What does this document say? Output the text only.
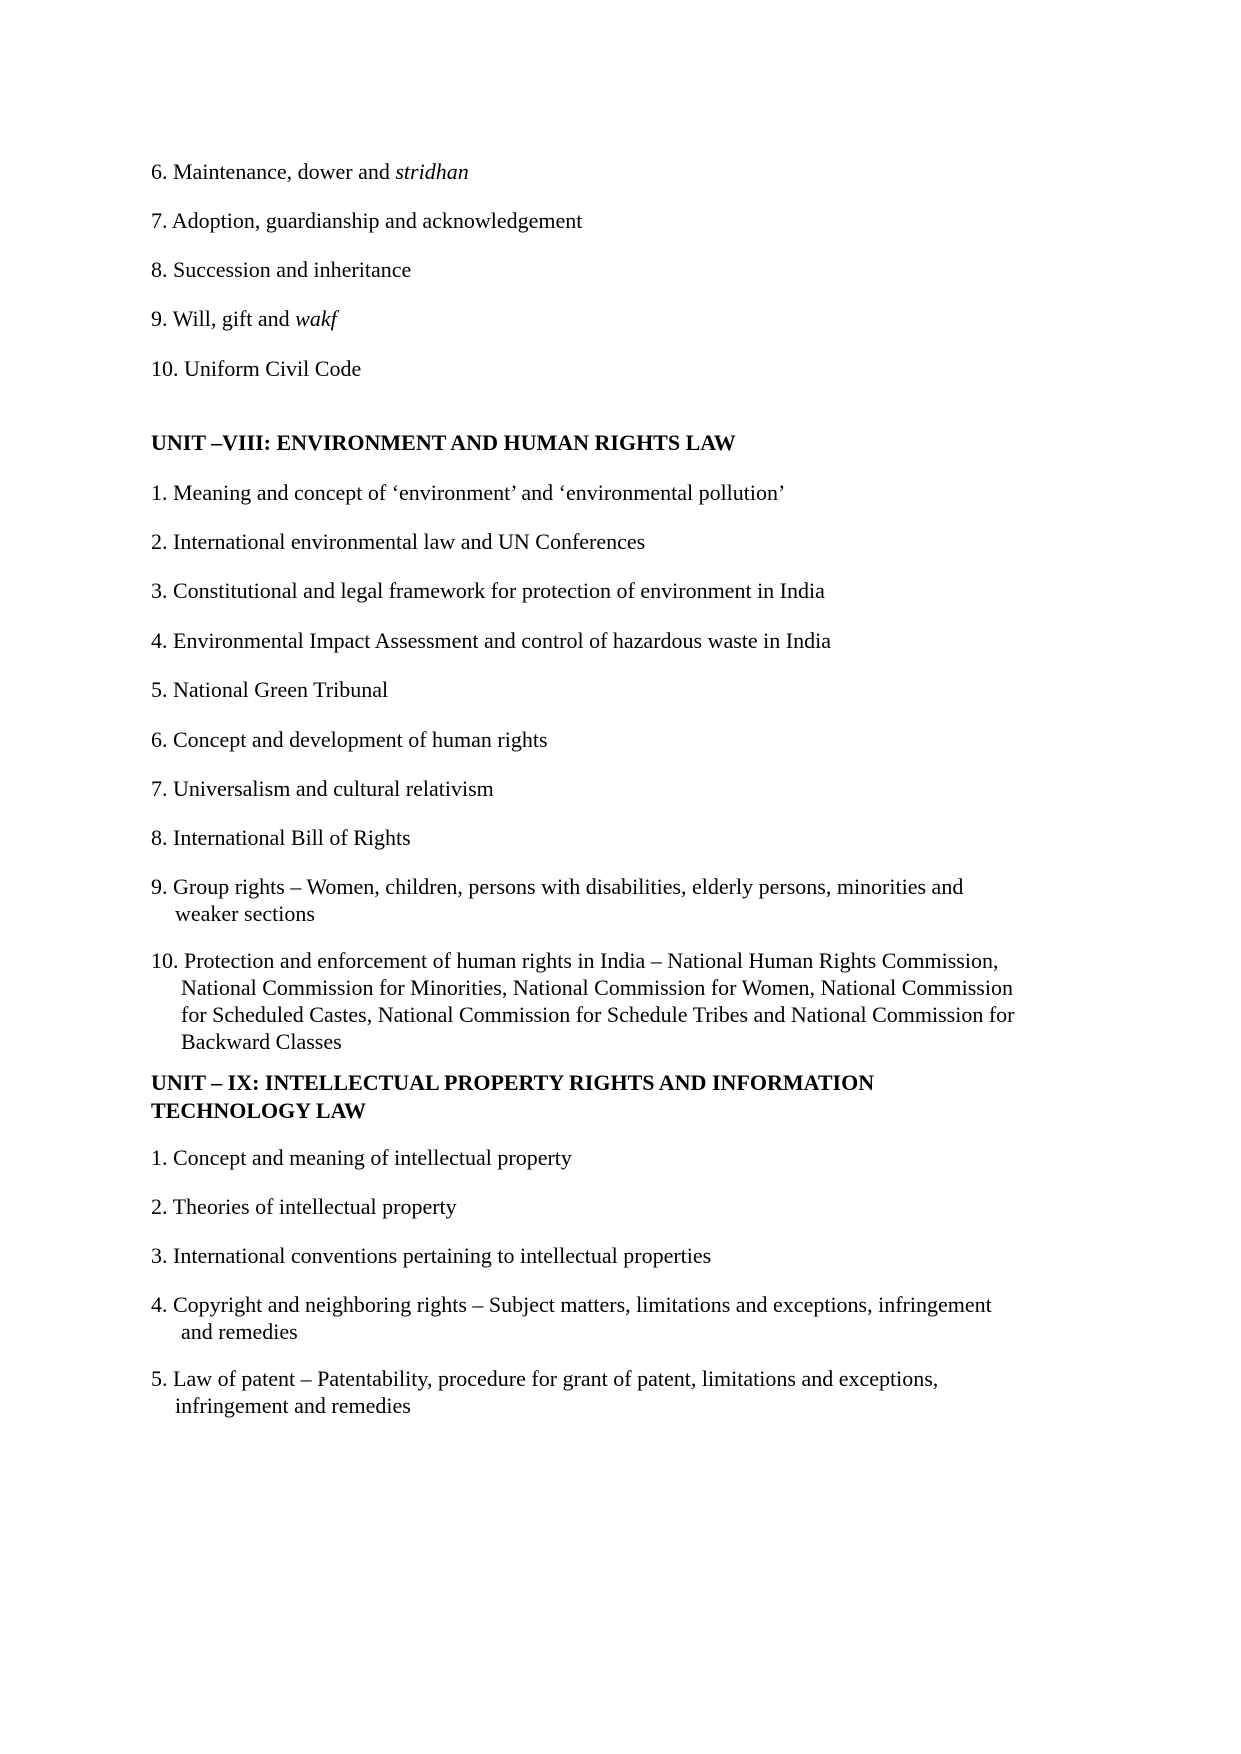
6. Maintenance, dower and stridhan

7. Adoption, guardianship and acknowledgement

8. Succession and inheritance

9. Will, gift and wakf

10. Uniform Civil Code

UNIT –VIII: ENVIRONMENT AND HUMAN RIGHTS LAW

1. Meaning and concept of ‘environment’ and ‘environmental pollution’

2. International environmental law and UN Conferences

3. Constitutional and legal framework for protection of environment in India

4. Environmental Impact Assessment and control of hazardous waste in India

5. National Green Tribunal

6. Concept and development of human rights

7. Universalism and cultural relativism

8. International Bill of Rights

9. Group rights – Women, children, persons with disabilities, elderly persons, minorities and
weaker sections

10. Protection and enforcement of human rights in India – National Human Rights Commission,
National Commission for Minorities, National Commission for Women, National Commission
for Scheduled Castes, National Commission for Schedule Tribes and National Commission for
Backward Classes

UNIT – IX: INTELLECTUAL PROPERTY RIGHTS AND INFORMATION
TECHNOLOGY LAW

1. Concept and meaning of intellectual property

2. Theories of intellectual property

3. International conventions pertaining to intellectual properties

4. Copyright and neighboring rights – Subject matters, limitations and exceptions, infringement
and remedies

5. Law of patent – Patentability, procedure for grant of patent, limitations and exceptions,
infringement and remedies
